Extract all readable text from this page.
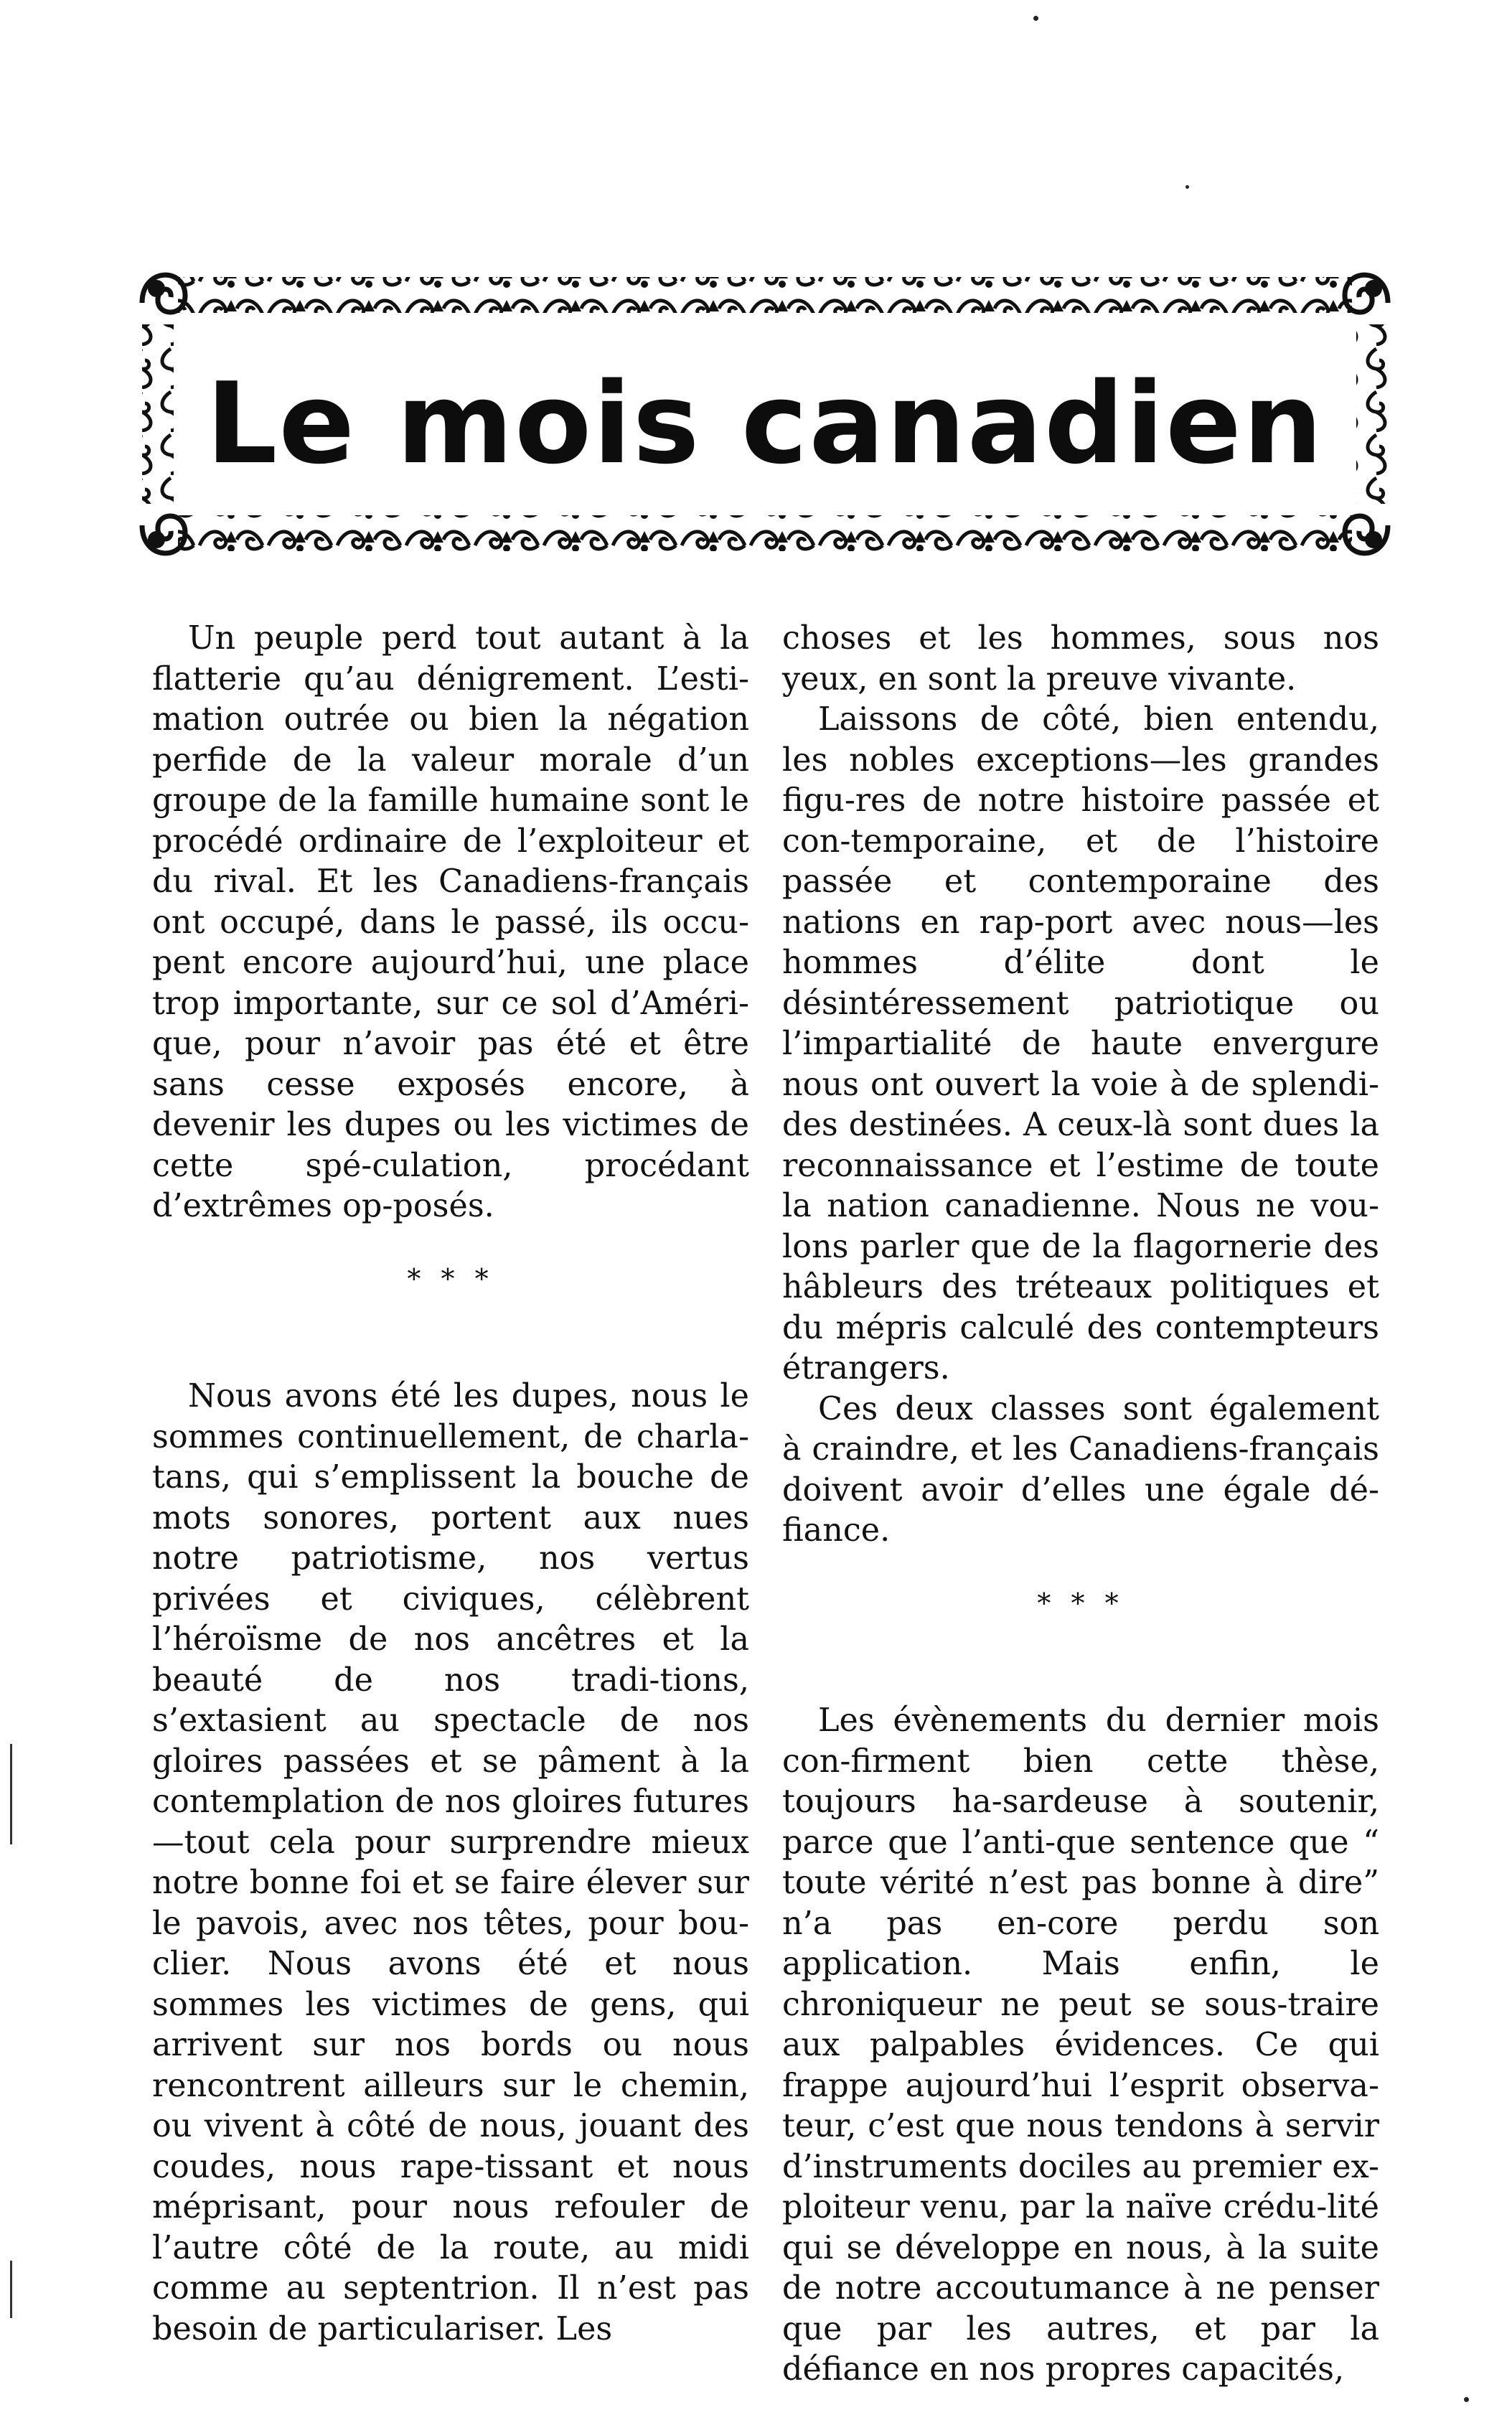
Le mois canadien

Un peuple perd tout autant à la flatterie qu’au dénigrement. L’esti-mation outrée ou bien la négation perfide de la valeur morale d’un groupe de la famille humaine sont le procédé ordinaire de l’exploiteur et du rival. Et les Canadiens-français ont occupé, dans le passé, ils occu-pent encore aujourd’hui, une place trop importante, sur ce sol d’Améri-que, pour n’avoir pas été et être sans cesse exposés encore, à devenir les dupes ou les victimes de cette spé-culation, procédant d’extrêmes op-posés.

* * *

Nous avons été les dupes, nous le sommes continuellement, de charla-tans, qui s’emplissent la bouche de mots sonores, portent aux nues notre patriotisme, nos vertus privées et civiques, célèbrent l’héroïsme de nos ancêtres et la beauté de nos tradi-tions, s’extasient au spectacle de nos gloires passées et se pâment à la contemplation de nos gloires futures —tout cela pour surprendre mieux notre bonne foi et se faire élever sur le pavois, avec nos têtes, pour bou-clier. Nous avons été et nous sommes les victimes de gens, qui arrivent sur nos bords ou nous rencontrent ailleurs sur le chemin, ou vivent à côté de nous, jouant des coudes, nous rape-tissant et nous méprisant, pour nous refouler de l’autre côté de la route, au midi comme au septentrion. Il n’est pas besoin de particulariser. Les

choses et les hommes, sous nos yeux, en sont la preuve vivante.

Laissons de côté, bien entendu, les nobles exceptions—les grandes figu-res de notre histoire passée et con-temporaine, et de l’histoire passée et contemporaine des nations en rap-port avec nous—les hommes d’élite dont le désintéressement patriotique ou l’impartialité de haute envergure nous ont ouvert la voie à de splendi-des destinées. A ceux-là sont dues la reconnaissance et l’estime de toute la nation canadienne. Nous ne vou-lons parler que de la flagornerie des hâbleurs des tréteaux politiques et du mépris calculé des contempteurs étrangers.

Ces deux classes sont également à craindre, et les Canadiens-français doivent avoir d’elles une égale dé-fiance.

* * *

Les évènements du dernier mois con-firment bien cette thèse, toujours ha-sardeuse à soutenir, parce que l’anti-que sentence que “ toute vérité n’est pas bonne à dire” n’a pas en-core perdu son application. Mais enfin, le chroniqueur ne peut se sous-traire aux palpables évidences. Ce qui frappe aujourd’hui l’esprit observa-teur, c’est que nous tendons à servir d’instruments dociles au premier ex-ploiteur venu, par la naïve crédu-lité qui se développe en nous, à la suite de notre accoutumance à ne penser que par les autres, et par la défiance en nos propres capacités,
